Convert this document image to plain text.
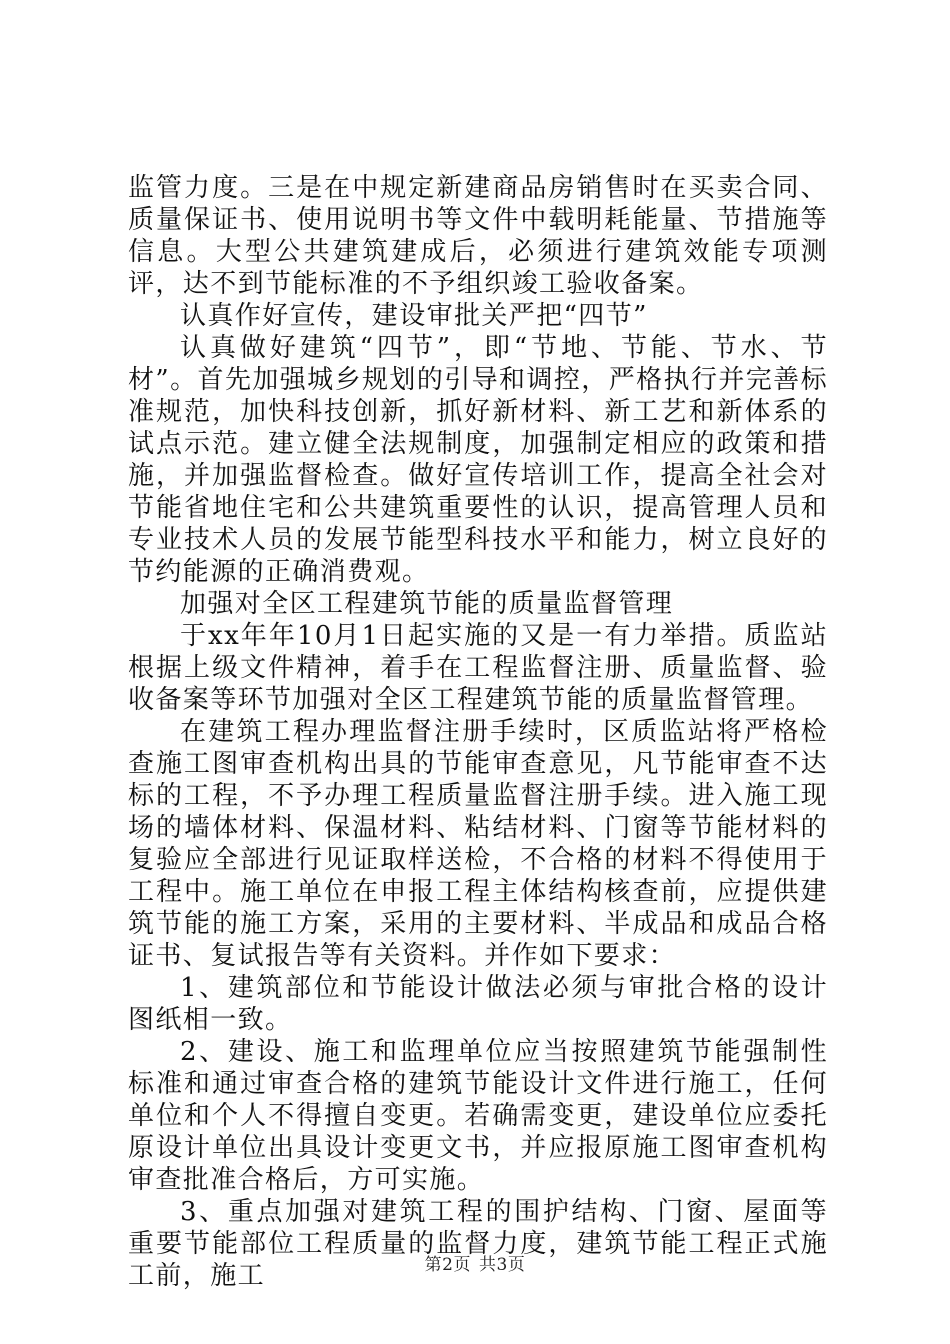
监管力度。三是在中规定新建商品房销售时在买卖合同、质量保证书、使用说明书等文件中载明耗能量、节措施等信息。大型公共建筑建成后，必须进行建筑效能专项测评，达不到节能标准的不予组织竣工验收备案。

认真作好宣传，建设审批关严把“四节”

认真做好建筑“四节”，即“节地、节能、节水、节材”。首先加强城乡规划的引导和调控，严格执行并完善标准规范，加快科技创新，抓好新材料、新工艺和新体系的试点示范。建立健全法规制度，加强制定相应的政策和措施，并加强监督检查。做好宣传培训工作，提高全社会对节能省地住宅和公共建筑重要性的认识，提高管理人员和专业技术人员的发展节能型科技水平和能力，树立良好的节约能源的正确消费观。

加强对全区工程建筑节能的质量监督管理

于xx年年10月1日起实施的又是一有力举措。质监站根据上级文件精神，着手在工程监督注册、质量监督、验收备案等环节加强对全区工程建筑节能的质量监督管理。

在建筑工程办理监督注册手续时，区质监站将严格检查施工图审查机构出具的节能审查意见，凡节能审查不达标的工程，不予办理工程质量监督注册手续。进入施工现场的墙体材料、保温材料、粘结材料、门窗等节能材料的复验应全部进行见证取样送检，不合格的材料不得使用于工程中。施工单位在申报工程主体结构核查前，应提供建筑节能的施工方案，采用的主要材料、半成品和成品合格证书、复试报告等有关资料。并作如下要求：

1、建筑部位和节能设计做法必须与审批合格的设计图纸相一致。

2、建设、施工和监理单位应当按照建筑节能强制性标准和通过审查合格的建筑节能设计文件进行施工，任何单位和个人不得擅自变更。若确需变更，建设单位应委托原设计单位出具设计变更文书，并应报原施工图审查机构审查批准合格后，方可实施。

3、重点加强对建筑工程的围护结构、门窗、屋面等重要节能部位工程质量的监督力度，建筑节能工程正式施工前，施工	第2页 共3页
